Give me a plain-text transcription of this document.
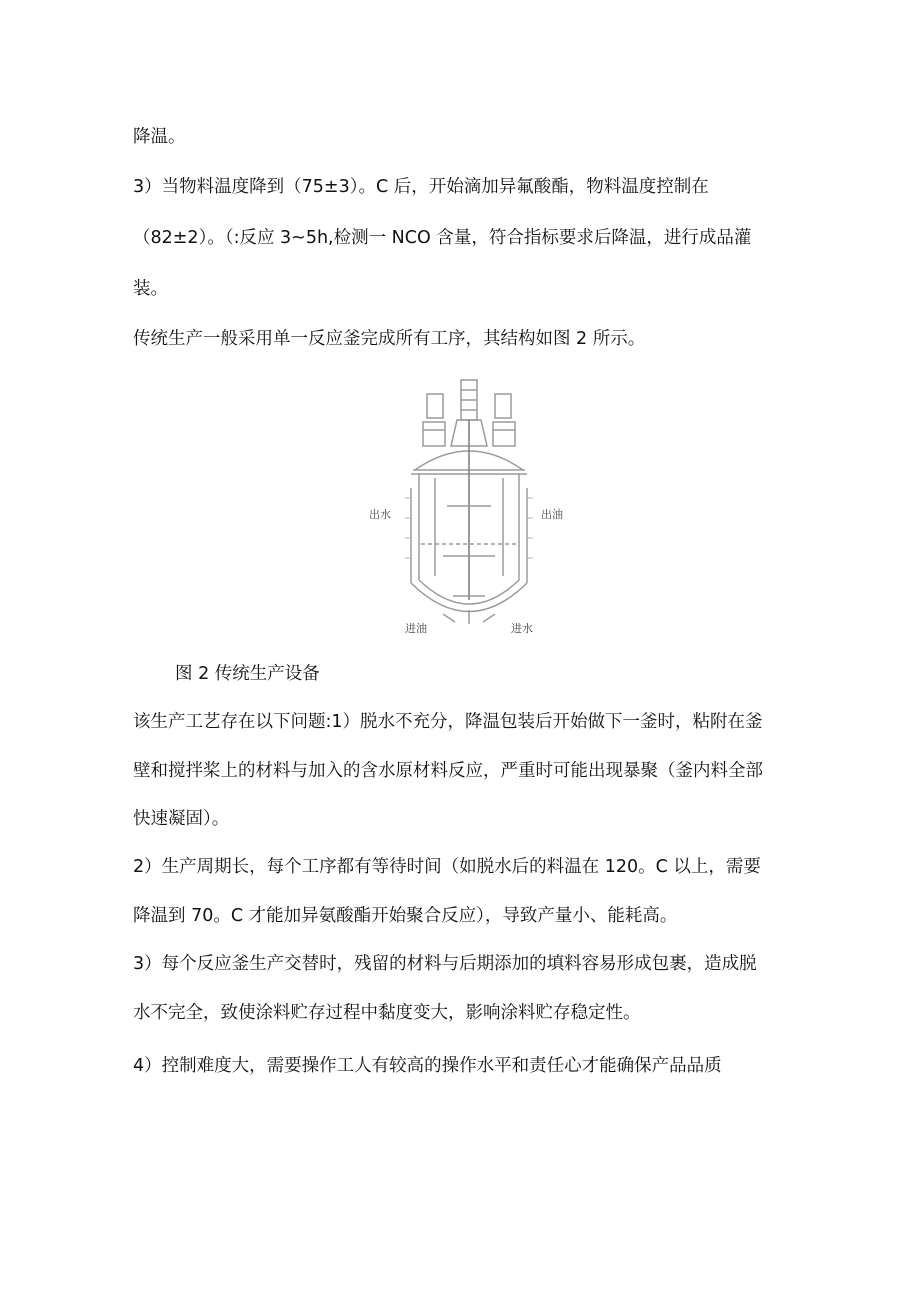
降温。

3）当物料温度降到（75±3）。C 后，开始滴加异氟酸酯，物料温度控制在

（82±2）。（:反应 3~5h,检测一 NCO 含量，符合指标要求后降温，进行成品灌

装。

传统生产一般采用单一反应釜完成所有工序，其结构如图 2 所示。

出水	出油
进油	进水

图 2 传统生产设备

该生产工艺存在以下问题:1）脱水不充分，降温包装后开始做下一釜时，粘附在釜

壁和搅拌桨上的材料与加入的含水原材料反应，严重时可能出现暴聚（釜内料全部

快速凝固）。

2）生产周期长，每个工序都有等待时间（如脱水后的料温在 120。C 以上，需要

降温到 70。C 才能加异氨酸酯开始聚合反应），导致产量小、能耗高。

3）每个反应釜生产交替时，残留的材料与后期添加的填料容易形成包裹，造成脱

水不完全，致使涂料贮存过程中黏度变大，影响涂料贮存稳定性。

4）控制难度大，需要操作工人有较高的操作水平和责任心才能确保产品品质
